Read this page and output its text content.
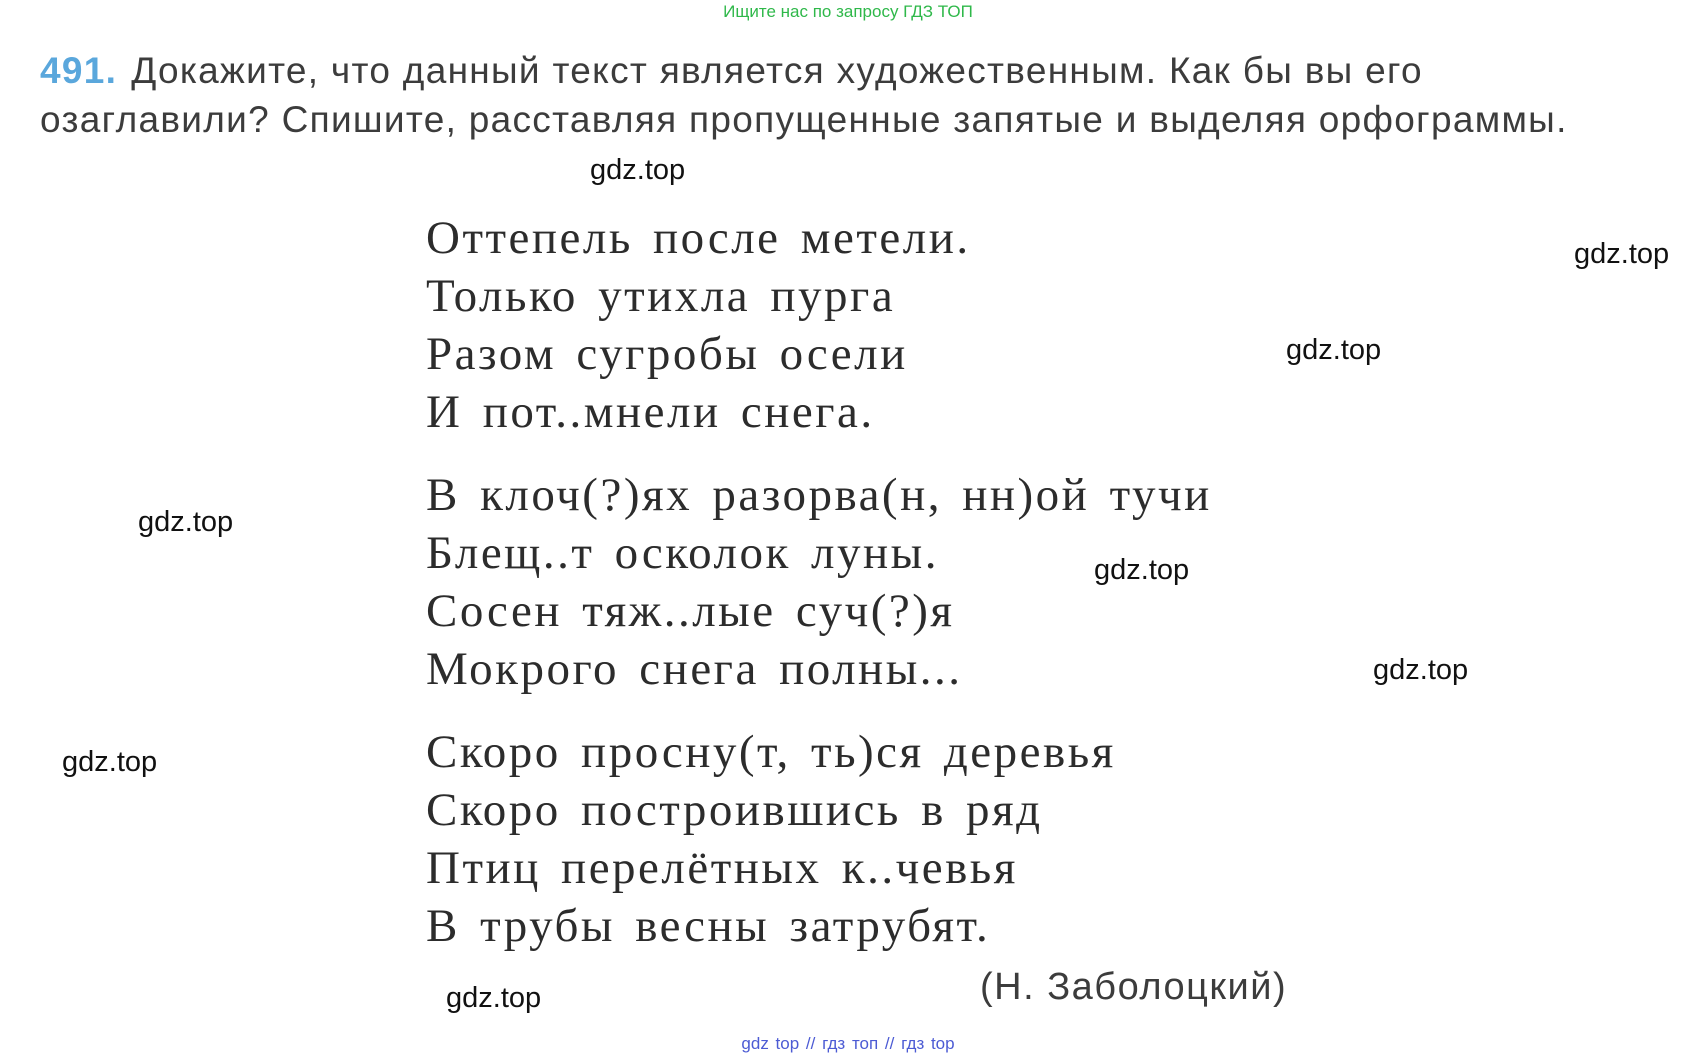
Ищите нас по запросу ГДЗ ТОП
491. Докажите, что данный текст является художественным. Как бы вы его озаглавили? Спишите, расставляя пропущенные запятые и выделяя орфограммы.
Оттепель после метели.
Только утихла пурга
Разом сугробы осели
И пот..мнели снега.
В клоч(?)ях разорва(н, нн)ой тучи
Блещ..т осколок луны.
Сосен тяж..лые суч(?)я
Мокрого снега полны...
Скоро просну(т, ть)ся деревья
Скоро построившись в ряд
Птиц перелётных к..чевья
В трубы весны затрубят.
(Н. Заболоцкий)
gdz.top
gdz.top
gdz.top
gdz.top
gdz.top
gdz.top
gdz.top
gdz.top
gdz top // гдз топ // гдз top
